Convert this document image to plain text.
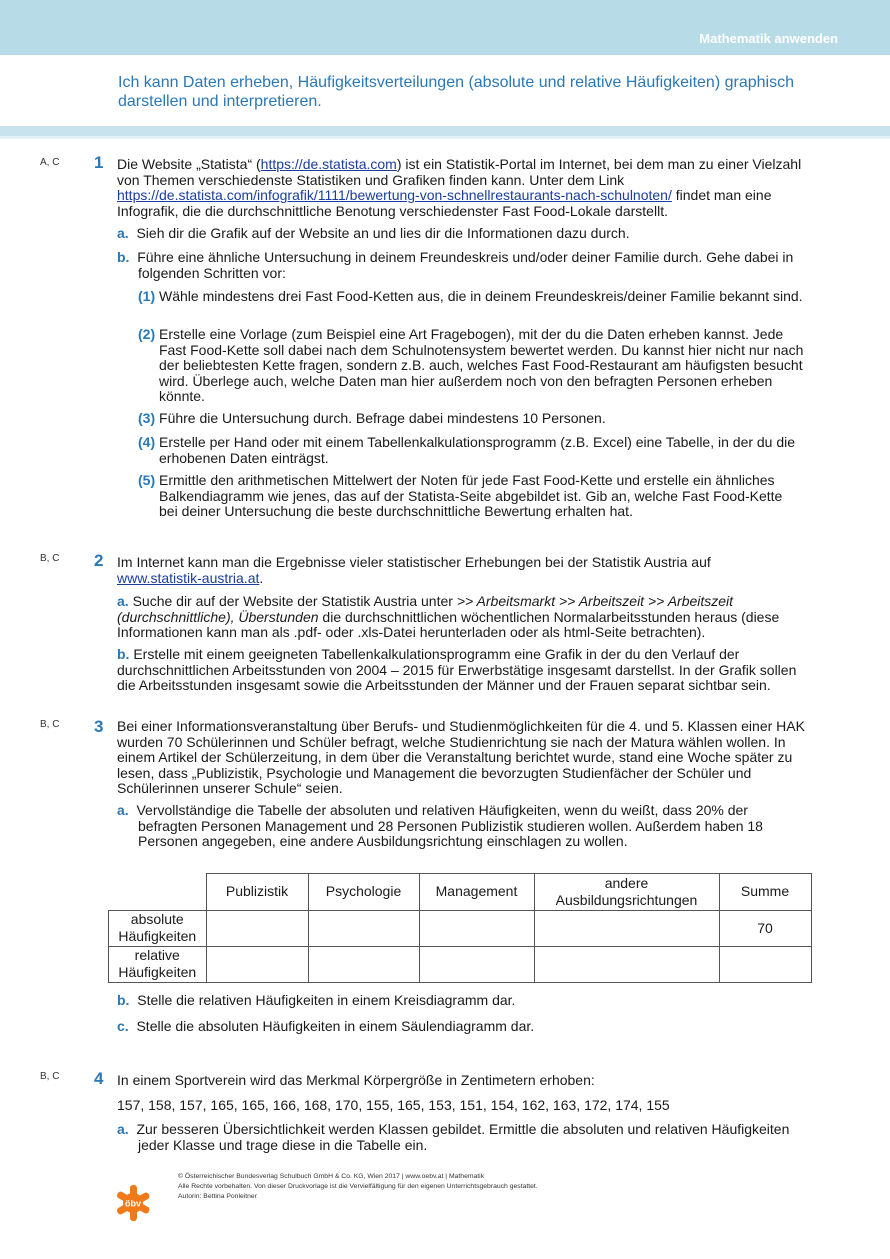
Mathematik anwenden
Ich kann Daten erheben, Häufigkeitsverteilungen (absolute und relative Häufigkeiten) graphisch darstellen und interpretieren.
A, C	1 Die Website „Statista“ (https://de.statista.com) ist ein Statistik-Portal im Internet, bei dem man zu einer Vielzahl von Themen verschiedenste Statistiken und Grafiken finden kann. Unter dem Link
https://de.statista.com/infografik/1111/bewertung-von-schnellrestaurants-nach-schulnoten/ findet man eine Infografik, die die durchschnittliche Benotung verschiedenster Fast Food-Lokale darstellt.
a. Sieh dir die Grafik auf der Website an und lies dir die Informationen dazu durch.
b. Führe eine ähnliche Untersuchung in deinem Freundeskreis und/oder deiner Familie durch. Gehe dabei in folgenden Schritten vor:
(1) Wähle mindestens drei Fast Food-Ketten aus, die in deinem Freundeskreis/deiner Familie bekannt sind.
(2) Erstelle eine Vorlage (zum Beispiel eine Art Fragebogen), mit der du die Daten erheben kannst. Jede Fast Food-Kette soll dabei nach dem Schulnotensystem bewertet werden. Du kannst hier nicht nur nach der beliebtesten Kette fragen, sondern z.B. auch, welches Fast Food-Restaurant am häufigsten besucht wird. Überlege auch, welche Daten man hier außerdem noch von den befragten Personen erheben könnte.
(3) Führe die Untersuchung durch. Befrage dabei mindestens 10 Personen.
(4) Erstelle per Hand oder mit einem Tabellenkalkulationsprogramm (z.B. Excel) eine Tabelle, in der du die erhobenen Daten einträgst.
(5) Ermittle den arithmetischen Mittelwert der Noten für jede Fast Food-Kette und erstelle ein ähnliches Balkendiagramm wie jenes, das auf der Statista-Seite abgebildet ist. Gib an, welche Fast Food-Kette bei deiner Untersuchung die beste durchschnittliche Bewertung erhalten hat.
B, C	2 Im Internet kann man die Ergebnisse vieler statistischer Erhebungen bei der Statistik Austria auf
www.statistik-austria.at.
a. Suche dir auf der Website der Statistik Austria unter >> Arbeitsmarkt >> Arbeitszeit >> Arbeitszeit (durchschnittliche), Überstunden die durchschnittlichen wöchentlichen Normalarbeitsstunden heraus (diese Informationen kann man als .pdf- oder .xls-Datei herunterladen oder als html-Seite betrachten).
b. Erstelle mit einem geeigneten Tabellenkalkulationsprogramm eine Grafik in der du den Verlauf der durchschnittlichen Arbeitsstunden von 2004 – 2015 für Erwerbstätige insgesamt darstellst. In der Grafik sollen die Arbeitsstunden insgesamt sowie die Arbeitsstunden der Männer und der Frauen separat sichtbar sein.
B, C	3 Bei einer Informationsveranstaltung über Berufs- und Studienmöglichkeiten für die 4. und 5. Klassen einer HAK wurden 70 Schülerinnen und Schüler befragt, welche Studienrichtung sie nach der Matura wählen wollen. In einem Artikel der Schülerzeitung, in dem über die Veranstaltung berichtet wurde, stand eine Woche später zu lesen, dass „Publizistik, Psychologie und Management die bevorzugten Studienfächer der Schüler und Schülerinnen unserer Schule“ seien.
a. Vervollständige die Tabelle der absoluten und relativen Häufigkeiten, wenn du weißt, dass 20% der befragten Personen Management und 28 Personen Publizistik studieren wollen. Außerdem haben 18 Personen angegeben, eine andere Ausbildungsrichtung einschlagen zu wollen.
	Publizistik	Psychologie	Management	andere Ausbildungsrichtungen	Summe
absolute Häufigkeiten					70
relative Häufigkeiten					
b. Stelle die relativen Häufigkeiten in einem Kreisdiagramm dar.
c. Stelle die absoluten Häufigkeiten in einem Säulendiagramm dar.
B, C	4 In einem Sportverein wird das Merkmal Körpergröße in Zentimetern erhoben:
157, 158, 157, 165, 165, 166, 168, 170, 155, 165, 153, 151, 154, 162, 163, 172, 174, 155
a. Zur besseren Übersichtlichkeit werden Klassen gebildet. Ermittle die absoluten und relativen Häufigkeiten jeder Klasse und trage diese in die Tabelle ein.
öbv
© Österreichischer Bundesverlag Schulbuch GmbH & Co. KG, Wien 2017 | www.oebv.at | Mathematik
Alle Rechte vorbehalten. Von dieser Druckvorlage ist die Vervielfältigung für den eigenen Unterrichtsgebrauch gestattet.
Autorin: Bettina Ponleitner
